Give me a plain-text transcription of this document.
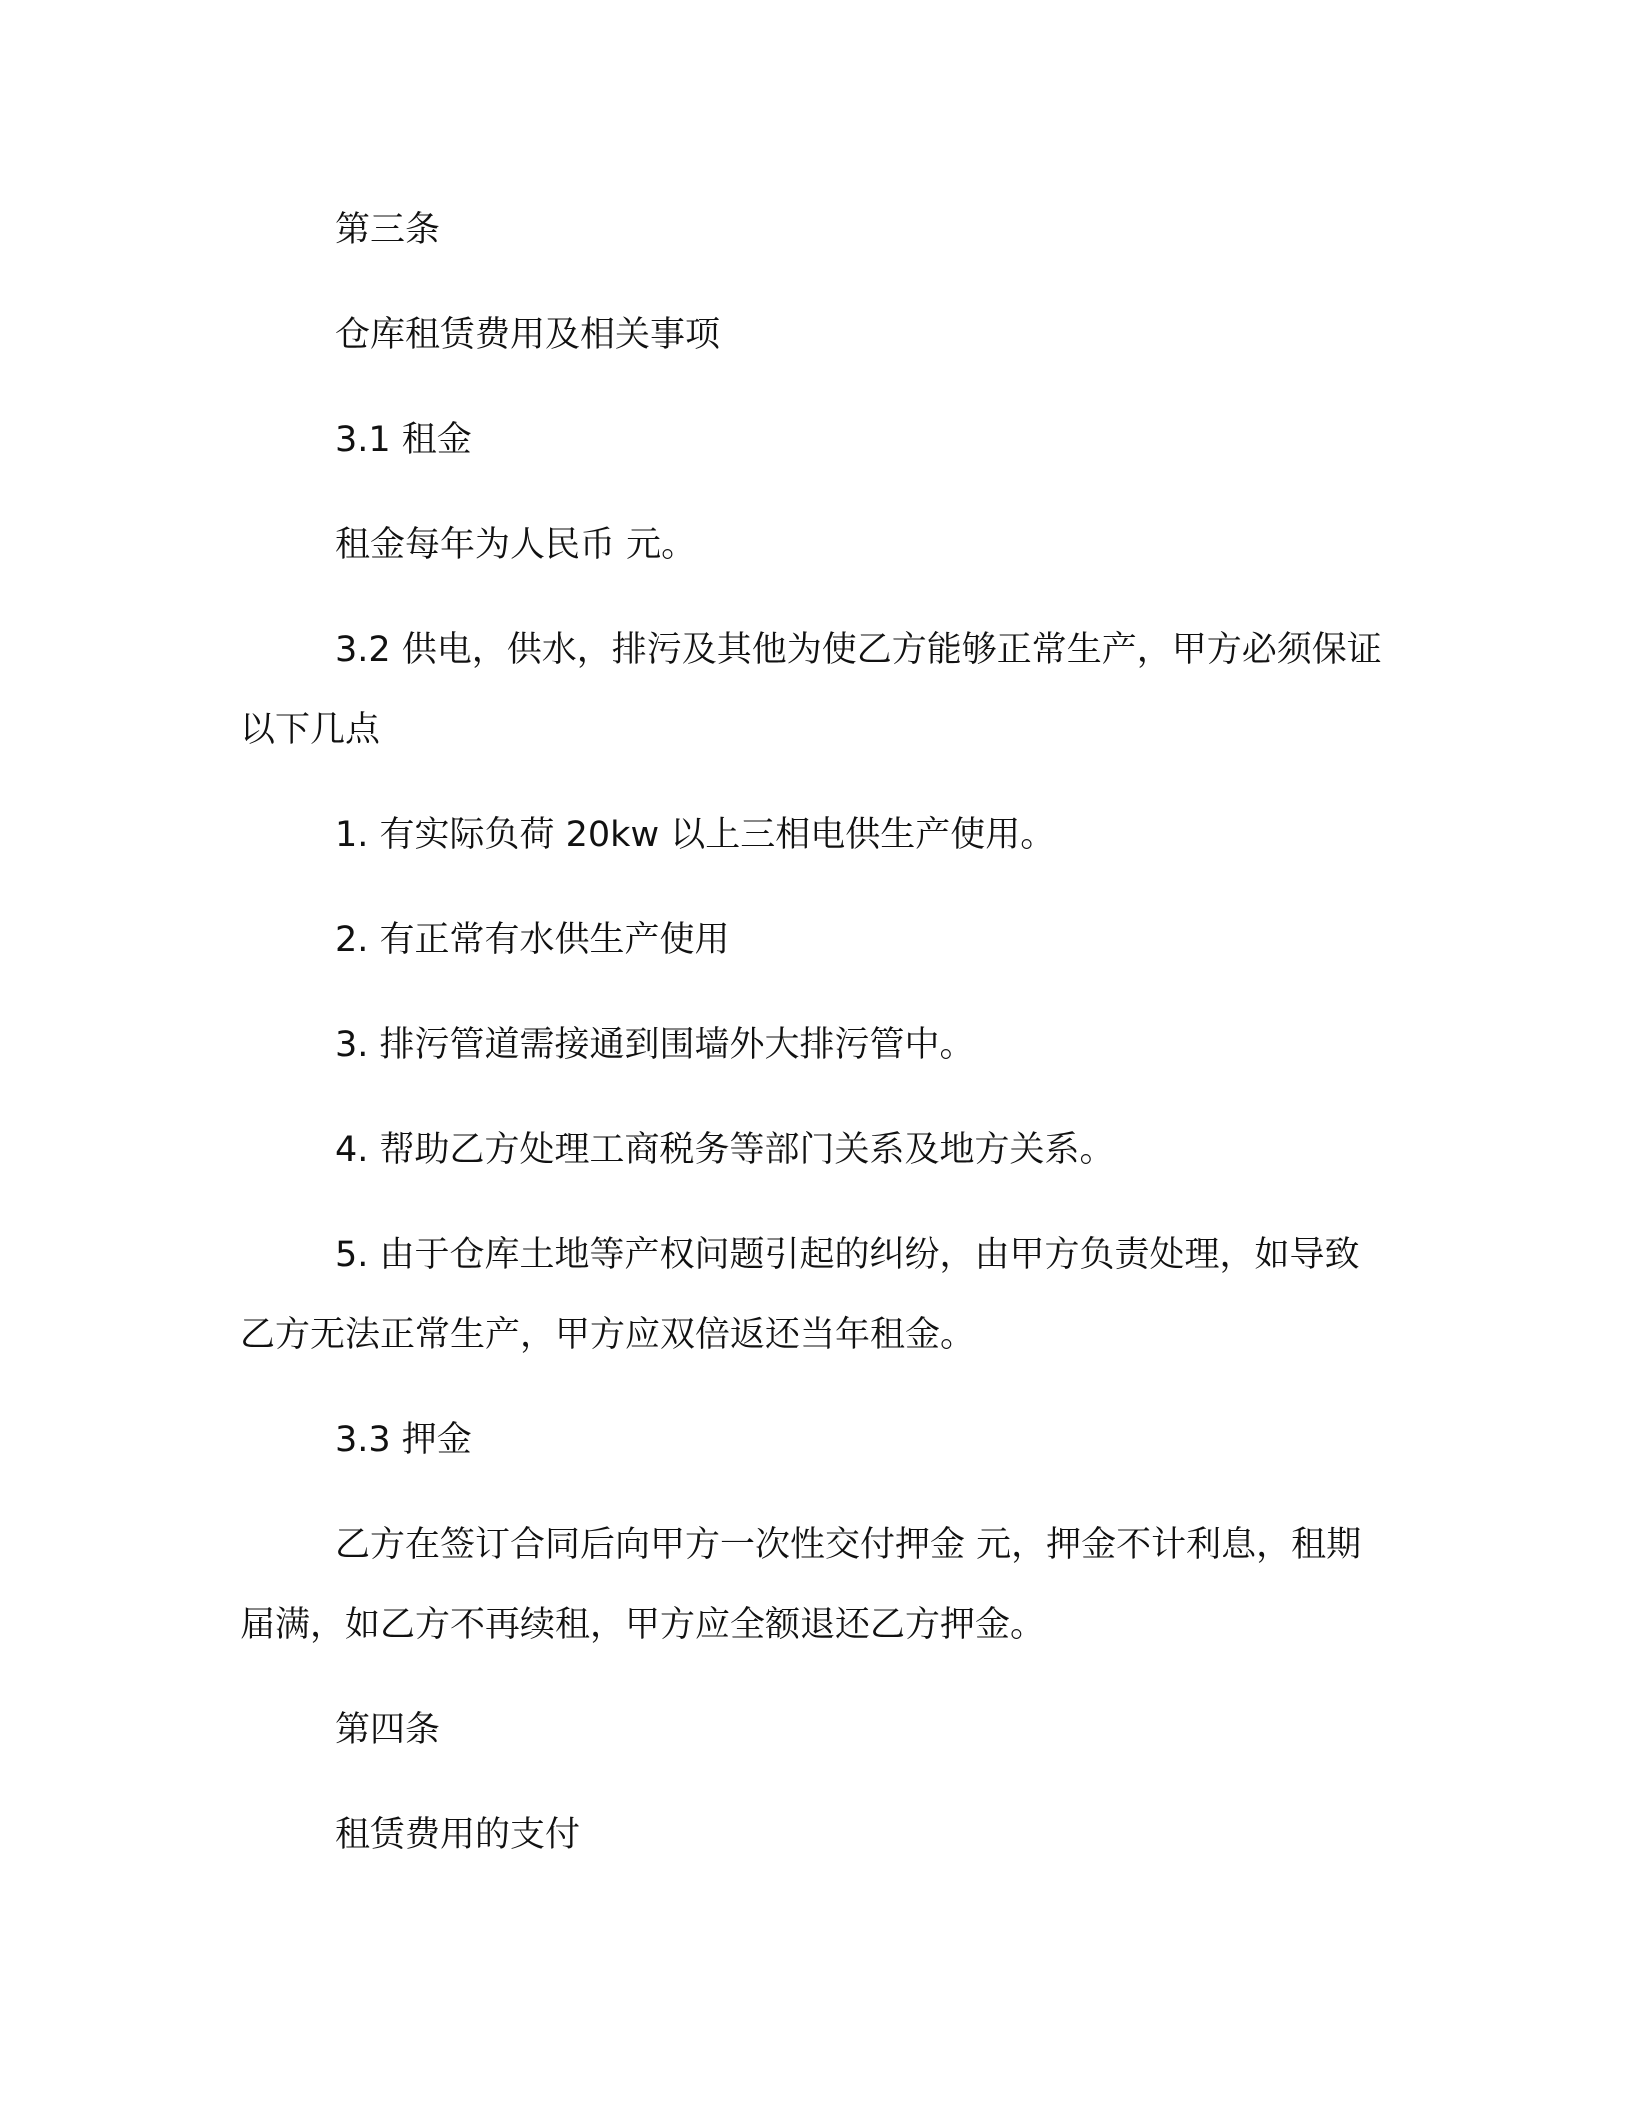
第三条

仓库租赁费用及相关事项

3.1 租金

租金每年为人民币 元。

3.2 供电，供水，排污及其他为使乙方能够正常生产，甲方必须保证以下几点

1. 有实际负荷 20kw 以上三相电供生产使用。

2. 有正常有水供生产使用

3. 排污管道需接通到围墙外大排污管中。

4. 帮助乙方处理工商税务等部门关系及地方关系。

5. 由于仓库土地等产权问题引起的纠纷，由甲方负责处理，如导致乙方无法正常生产，甲方应双倍返还当年租金。

3.3 押金

乙方在签订合同后向甲方一次性交付押金 元，押金不计利息，租期届满，如乙方不再续租，甲方应全额退还乙方押金。

第四条

租赁费用的支付
